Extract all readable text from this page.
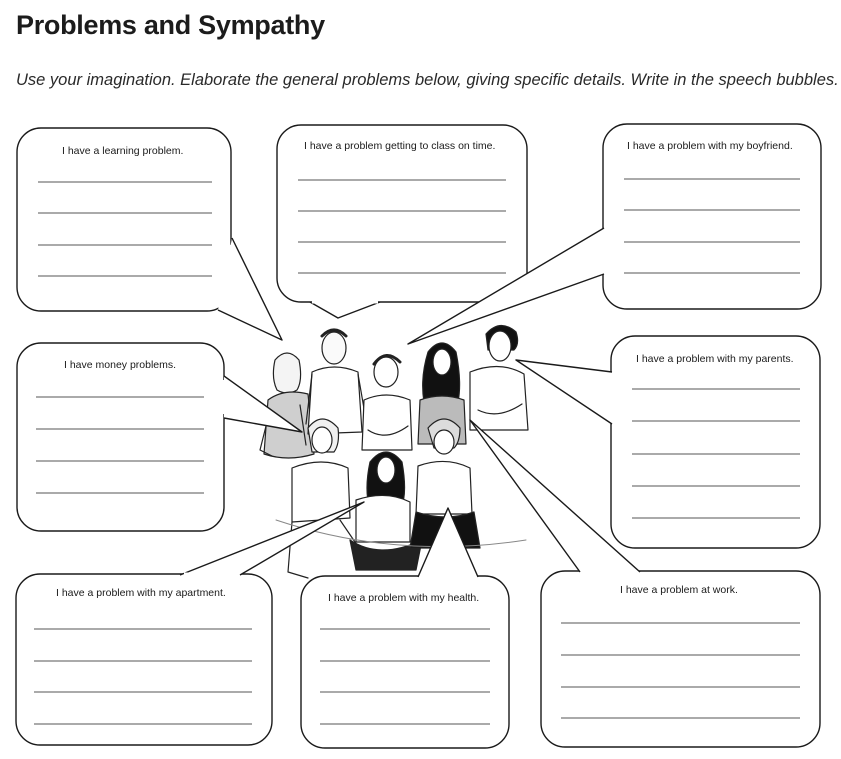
Problems and Sympathy

Use your imagination. Elaborate the general problems below, giving specific details. Write in the speech bubbles.

I have a learning problem.	I have a problem getting to class on time.	I have a problem with my boyfriend.
I have money problems.	I have a problem with my parents.
I have a problem with my apartment.	I have a problem with my health.
I have a problem at work.
